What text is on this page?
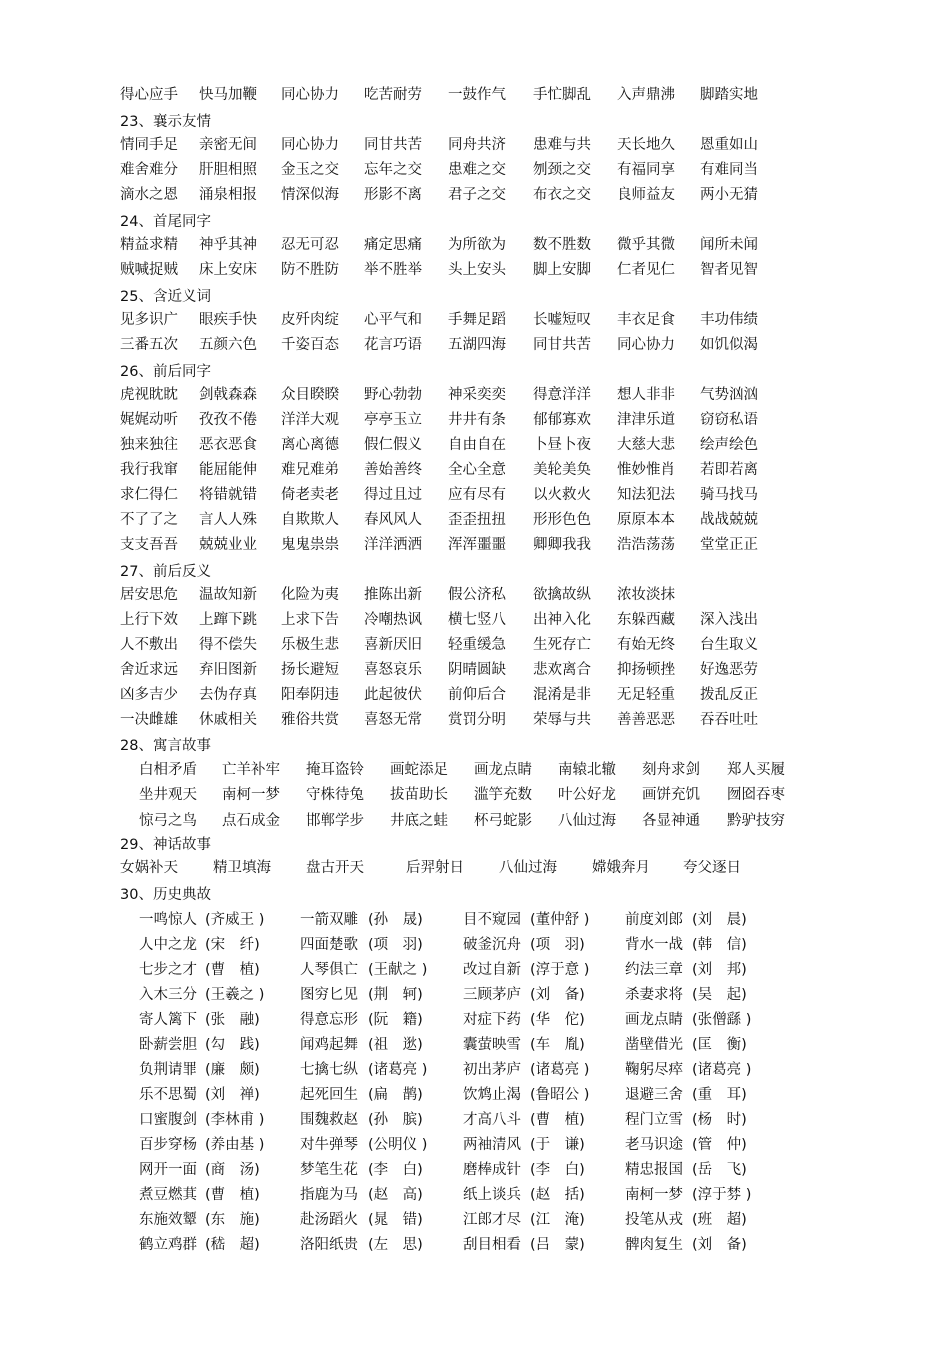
得心应手 快马加鞭 同心协力 吃苦耐劳 一鼓作气 手忙脚乱 入声鼎沸 脚踏实地
23、襄示友情
情同手足 亲密无间 同心协力 同甘共苦 同舟共济 患难与共 天长地久 恩重如山
难舍难分 肝胆相照 金玉之交 忘年之交 患难之交 刎颈之交 有福同享 有难同当
滴水之恩 涌泉相报 情深似海 形影不离 君子之交 布衣之交 良师益友 两小无猜
24、首尾同字
精益求精 神乎其神 忍无可忍 痛定思痛 为所欲为 数不胜数 微乎其微 闻所未闻
贼喊捉贼 床上安床 防不胜防 举不胜举 头上安头 脚上安脚 仁者见仁 智者见智
25、含近义词
见多识广 眼疾手快 皮歼肉绽 心平气和 手舞足蹈 长嘘短叹 丰衣足食 丰功伟绩
三番五次 五颜六色 千姿百态 花言巧语 五湖四海 同甘共苦 同心协力 如饥似渴
26、前后同字
虎视眈眈 剑戟森森 众目睽睽 野心勃勃 神采奕奕 得意洋洋 想人非非 气势汹汹
娓娓动听 孜孜不倦 洋洋大观 亭亭玉立 井井有条 郁郁寡欢 津津乐道 窃窃私语
独来独往 恶衣恶食 离心离德 假仁假义 自由自在 卜昼卜夜 大慈大悲 绘声绘色
我行我窜 能屈能伸 难兄难弟 善始善终 全心全意 美轮美奂 惟妙惟肖 若即若离
求仁得仁 将错就错 倚老卖老 得过且过 应有尽有 以火救火 知法犯法 骑马找马
不了了之 言人人殊 自欺欺人 春风风人 歪歪扭扭 形形色色 原原本本 战战兢兢
支支吾吾 兢兢业业 鬼鬼祟祟 洋洋洒洒 浑浑噩噩 卿卿我我 浩浩荡荡 堂堂正正
27、前后反义
居安思危 温故知新 化险为夷 推陈出新 假公济私 欲擒故纵 浓妆淡抹
上行下效 上蹿下跳 上求下告 冷嘲热讽 横七竖八 出神入化 东躲西藏 深入浅出
人不敷出 得不偿失 乐极生悲 喜新厌旧 轻重缓急 生死存亡 有始无终 台生取义
舍近求远 弃旧图新 扬长避短 喜怒哀乐 阴晴圆缺 悲欢离合 抑扬顿挫 好逸恶劳
凶多吉少 去伪存真 阳奉阴违 此起彼伏 前仰后合 混淆是非 无足轻重 拨乱反正
一决雌雄 休戚相关 雅俗共赏 喜怒无常 赏罚分明 荣辱与共 善善恶恶 吞吞吐吐
28、寓言故事
白相矛盾 亡羊补牢 掩耳盗铃 画蛇添足 画龙点睛 南辕北辙 刻舟求剑 郑人买履
坐井观天 南柯一梦 守株待兔 拔苗助长 滥竽充数 叶公好龙 画饼充饥 囫囵吞枣
惊弓之鸟 点石成金 邯郸学步 井底之蛙 杯弓蛇影 八仙过海 各显神通 黔驴技穷
29、神话故事
女娲补天 精卫填海 盘古开天	后羿射日 八仙过海 嫦娥奔月 夸父逐日
30、历史典故
一鸣惊人 (齐威王 ) 一箭双雕 (孙　晟)	目不窥园 (董仲舒 ) 前度刘郎 (刘　晨)
人中之龙 (宋　纤)	四面楚歌 (项　羽)	破釜沉舟 (项　羽)	背水一战 (韩　信)
七步之才 (曹　植)	人琴俱亡 (王献之 ) 改过自新 (淳于意 ) 约法三章 (刘　邦)
入木三分 (王羲之 ) 图穷匕见 (荆　轲)	三顾茅庐 (刘　备)	杀妻求将 (吴　起)
寄人篱下 (张　融)	得意忘形 (阮　籍)	对症下药 (华　佗)	画龙点睛 (张僧繇 )
卧薪尝胆 (勾　践)	闻鸡起舞 (祖　逖)	囊萤映雪 (车　胤)	凿壁借光 (匡　衡)
负荆请罪 (廉　颇)	七擒七纵 (诸葛亮 ) 初出茅庐 (诸葛亮 ) 鞠躬尽瘁 (诸葛亮 )
乐不思蜀 (刘　禅)	起死回生 (扁　鹊)	饮鸩止渴 (鲁昭公 ) 退避三舍 (重　耳)
口蜜腹剑 (李林甫 ) 围魏救赵 (孙　膑)	才高八斗 (曹　植)	程门立雪 (杨　时)
百步穿杨 (养由基 ) 对牛弹琴 (公明仪 ) 两袖清风 (于　谦)	老马识途 (管　仲)
网开一面 (商　汤)	梦笔生花 (李　白)	磨棒成针 (李　白)	精忠报国 (岳　飞)
煮豆燃萁 (曹　植)	指鹿为马 (赵　高)	纸上谈兵 (赵　括)	南柯一梦 (淳于棼 )
东施效颦 (东　施)	赴汤蹈火 (晁　错)	江郎才尽 (江　淹)	投笔从戎 (班　超)
鹤立鸡群 (嵇　超)	洛阳纸贵 (左　思)	刮目相看 (吕　蒙)	髀肉复生 (刘　备)
